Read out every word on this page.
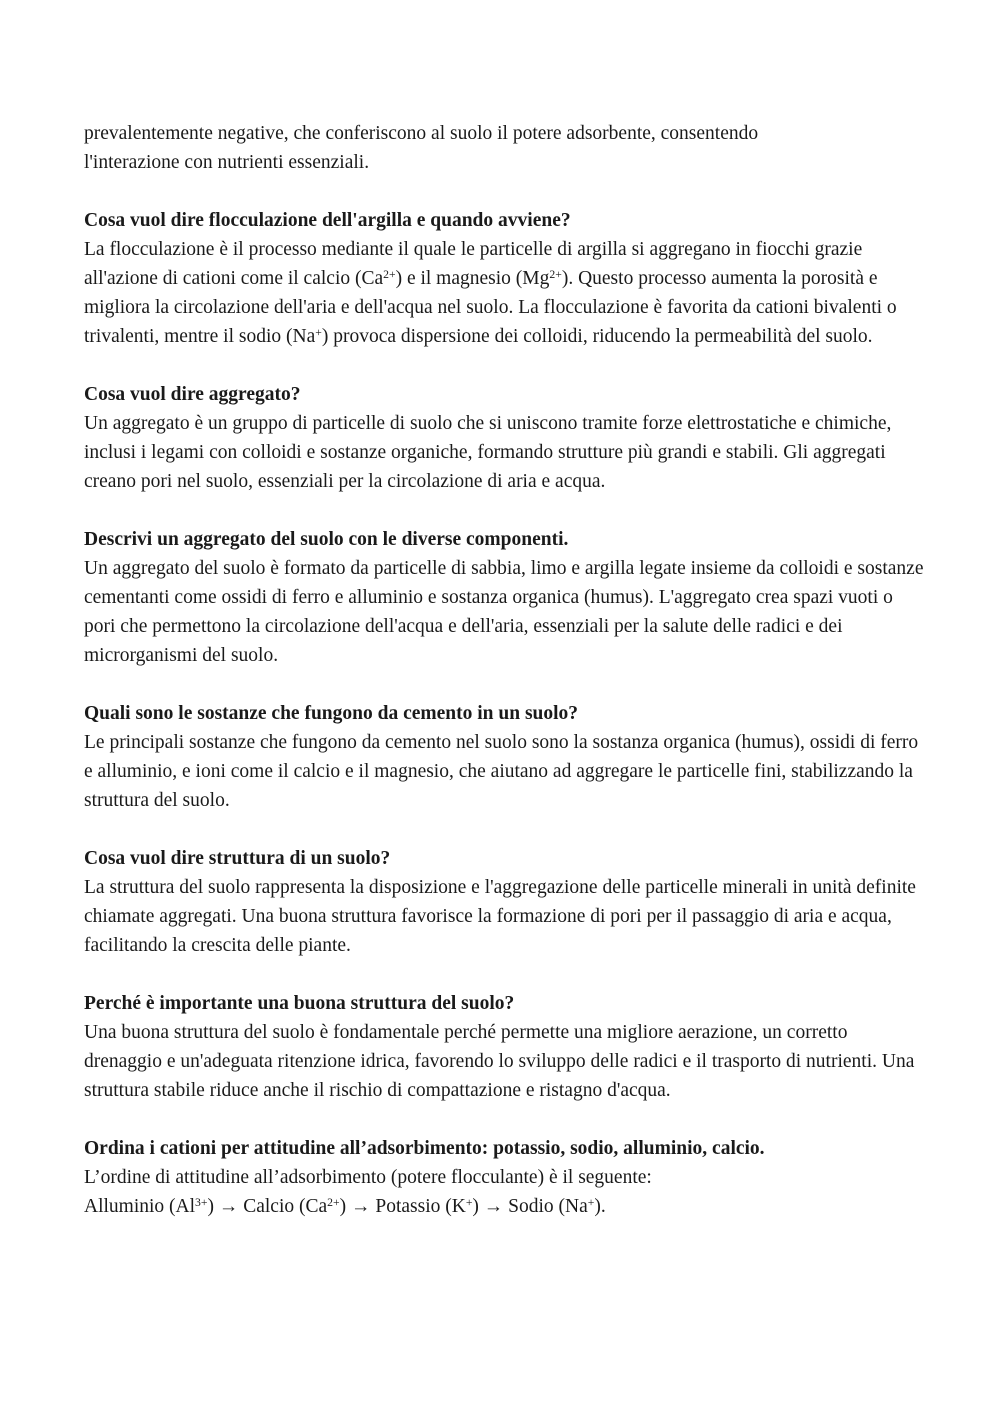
prevalentemente negative, che conferiscono al suolo il potere adsorbente, consentendo
l'interazione con nutrienti essenziali.

Cosa vuol dire flocculazione dell'argilla e quando avviene?

La flocculazione è il processo mediante il quale le particelle di argilla si aggregano in fiocchi grazie all'azione di cationi come il calcio $(Ca^{2+})$ e il magnesio $(Mg^{2+})$. Questo processo aumenta la porosità e migliora la circolazione dell'aria e dell'acqua nel suolo. La flocculazione è favorita da cationi bivalenti o trivalenti, mentre il sodio (Na+) provoca dispersione dei colloidi, riducendo la permeabilità del suolo.

Cosa vuol dire aggregato?

Un aggregato è un gruppo di particelle di suolo che si uniscono tramite forze elettrostatiche e chimiche, inclusi i legami con colloidi e sostanze organiche, formando strutture più grandi e stabili. Gli aggregati creano pori nel suolo, essenziali per la circolazione di aria e acqua.

Descrivi un aggregato del suolo con le diverse componenti.

Un aggregato del suolo è formato da particelle di sabbia, limo e argilla legate insieme da colloidi e sostanze cementanti come ossidi di ferro e alluminio e sostanza organica (humus). L'aggregato crea spazi vuoti o pori che permettono la circolazione dell'acqua e dell'aria, essenziali per la salute delle radici e dei microrganismi del suolo.

Quali sono le sostanze che fungono da cemento in un suolo?

Le principali sostanze che fungono da cemento nel suolo sono la sostanza organica (humus), ossidi di ferro e alluminio, e ioni come il calcio e il magnesio, che aiutano ad aggregare le particelle fini, stabilizzando la struttura del suolo.

Cosa vuol dire struttura di un suolo?

La struttura del suolo rappresenta la disposizione e l'aggregazione delle particelle minerali in unità definite chiamate aggregati. Una buona struttura favorisce la formazione di pori per il passaggio di aria e acqua, facilitando la crescita delle piante.

Perché è importante una buona struttura del suolo?

Una buona struttura del suolo è fondamentale perché permette una migliore aerazione, un corretto drenaggio e un'adeguata ritenzione idrica, favorendo lo sviluppo delle radici e il trasporto di nutrienti. Una struttura stabile riduce anche il rischio di compattazione e ristagno d'acqua.

Ordina i cationi per attitudine all’adsorbimento: potassio, sodio, alluminio, calcio.

L’ordine di attitudine all’adsorbimento (potere flocculante) è il seguente:
Alluminio $(Al^{3+})$ → Calcio $(Ca^{2+})$ → Potassio (K+) → Sodio (Na+).
